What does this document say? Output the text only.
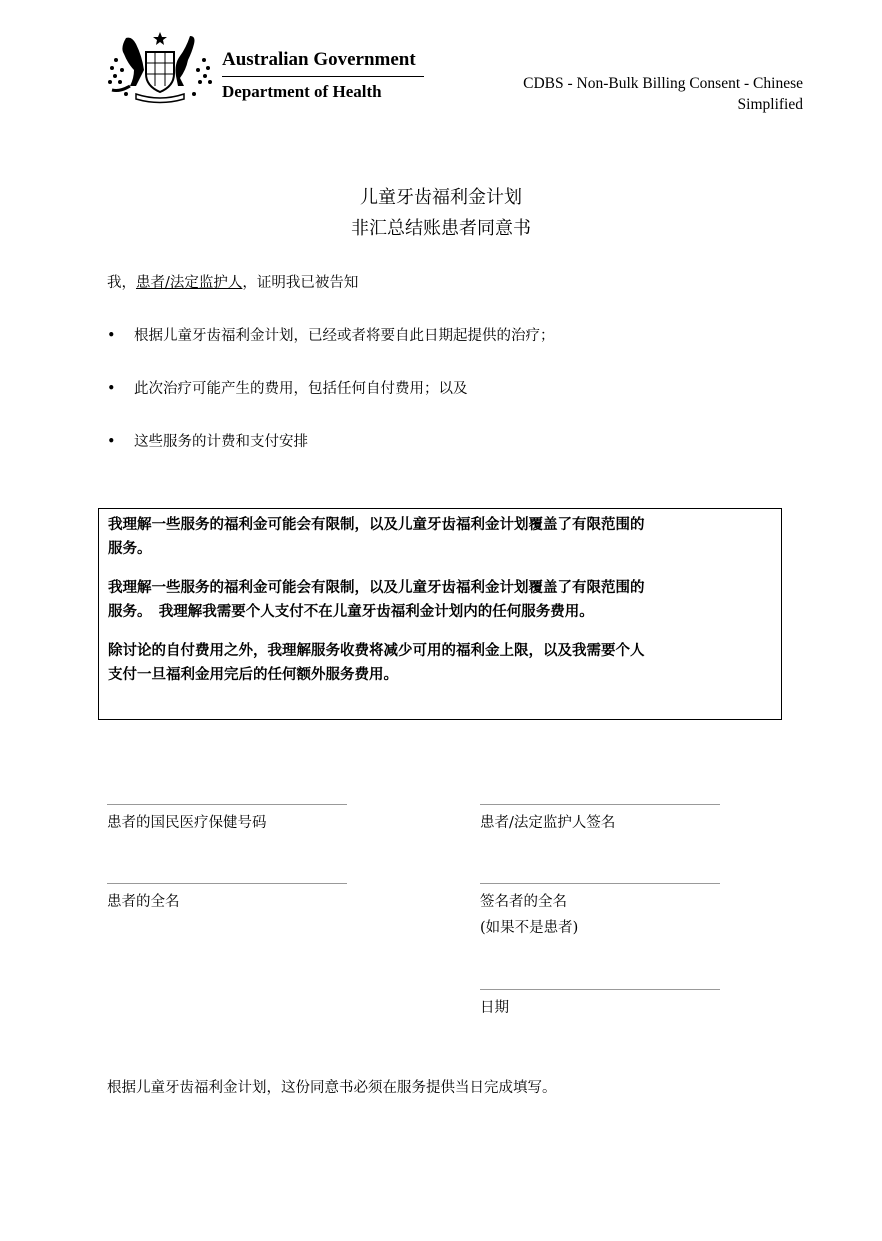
Australian Government
Department of Health	CDBS - Non-Bulk Billing Consent - Chinese
Simplified
儿童牙齿福利金计划
非汇总结账患者同意书
我，患者/法定监护人，证明我已被告知
• 根据儿童牙齿福利金计划，已经或者将要自此日期起提供的治疗；
• 此次治疗可能产生的费用，包括任何自付费用；以及
• 这些服务的计费和支付安排

我理解一些服务的福利金可能会有限制，以及儿童牙齿福利金计划覆盖了有限范围的
服务。

我理解一些服务的福利金可能会有限制，以及儿童牙齿福利金计划覆盖了有限范围的
服务。　我理解我需要个人支付不在儿童牙齿福利金计划内的任何服务费用。

除讨论的自付费用之外，我理解服务收费将减少可用的福利金上限，以及我需要个人
支付一旦福利金用完后的任何额外服务费用。

患者的国民医疗保健号码	患者/法定监护人签名
患者的全名	签名者的全名
(如果不是患者)
日期
根据儿童牙齿福利金计划，这份同意书必须在服务提供当日完成填写。
